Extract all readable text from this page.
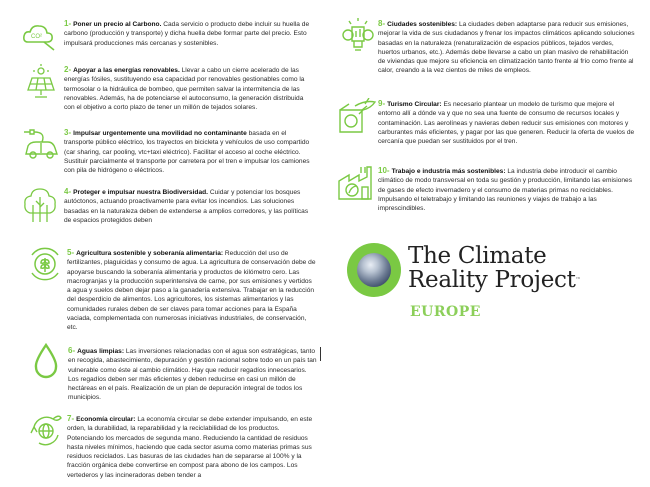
CO²
1- Poner un precio al Carbono. Cada servicio o producto debe incluir su huella de carbono (producción y transporte) y dicha huella debe formar parte del precio. Esto impulsará producciones más cercanas y sostenibles.
2- Apoyar a las energías renovables. Llevar a cabo un cierre acelerado de las energías fósiles, sustituyendo esa capacidad por renovables gestionables como la termosolar o la hidráulica de bombeo, que permiten salvar la intermitencia de las renovables. Además, ha de potenciarse el autoconsumo, la generación distribuida con el objetivo a corto plazo de tener un millón de tejados solares.
3- Impulsar urgentemente una movilidad no contaminante basada en el transporte público eléctrico, los trayectos en bicicleta y vehículos de uso compartido (car sharing, car pooling, vtc+taxi eléctrico). Facilitar el acceso al coche eléctrico. Sustituir parcialmente el transporte por carretera por el tren e impulsar los camiones con pila de hidrógeno o eléctricos.
4- Proteger e impulsar nuestra Biodiversidad. Cuidar y potenciar los bosques autóctonos, actuando proactivamente para evitar los incendios. Las soluciones basadas en la naturaleza deben de extenderse a amplios corredores, y las políticas de espacios protegidos deben
5- Agricultura sostenible y soberanía alimentaria: Reducción del uso de fertilizantes, plaguicidas y consumo de agua. La agricultura de conservación debe de apoyarse buscando la soberanía alimentaria y productos de kilómetro cero. Las macrogranjas y la producción superintensiva de carne, por sus emisiones y vertidos a agua y suelos deben dejar paso a la ganadería extensiva. Trabajar en la reducción del desperdicio de alimentos. Los agricultores, los sistemas alimentarios y las comunidades rurales deben de ser claves para tomar acciones para la España vaciada, complementada con numerosas iniciativas industriales, de conservación, etc.
6- Aguas limpias: Las inversiones relacionadas con el agua son estratégicas, tanto en recogida, abastecimiento, depuración y gestión racional sobre todo en un país tan vulnerable como éste al cambio climático. Hay que reducir regadíos innecesarios. Los regadíos deben ser más eficientes y deben reducirse en casi un millón de hectáreas en el país. Realización de un plan de depuración integral de todos los municipios.
7- Economía circular: La economía circular se debe extender impulsando, en este orden, la durabilidad, la reparabilidad y la reciclabilidad de los productos. Potenciando los mercados de segunda mano. Reduciendo la cantidad de residuos hasta niveles mínimos, haciendo que cada sector asuma como materias primas sus residuos reciclados. Las basuras de las ciudades han de separarse al 100% y la fracción orgánica debe convertirse en compost para abono de los campos. Los vertederos y las incineradoras deben tender a
8- Ciudades sostenibles: La ciudades deben adaptarse para reducir sus emisiones, mejorar la vida de sus ciudadanos y frenar los impactos climáticos aplicando soluciones basadas en la naturaleza (renaturalización de espacios públicos, tejados verdes, huertos urbanos, etc.). Además debe llevarse a cabo un plan masivo de rehabilitación de viviendas que mejore su eficiencia en climatización tanto frente al frío como frente al calor, creando a la vez cientos de miles de empleos.
9- Turismo Circular: Es necesario plantear un modelo de turismo que mejore el entorno allí a dónde va y que no sea una fuente de consumo de recursos locales y contaminación. Las aerolíneas y navieras deben reducir sus emisiones con motores y carburantes más eficientes, y pagar por las que generen. Reducir la oferta de vuelos de cercanía que puedan ser sustituidos por el tren.
10- Trabajo e industria más sostenibles: La industria debe introducir el cambio climático de modo transversal en toda su gestión y producción, limitando las emisiones de gases de efecto invernadero y el consumo de materias primas no reciclables. Impulsando el teletrabajo y limitando las reuniones y viajes de trabajo a las imprescindibles.
The Climate
Reality Project™
EUROPE
